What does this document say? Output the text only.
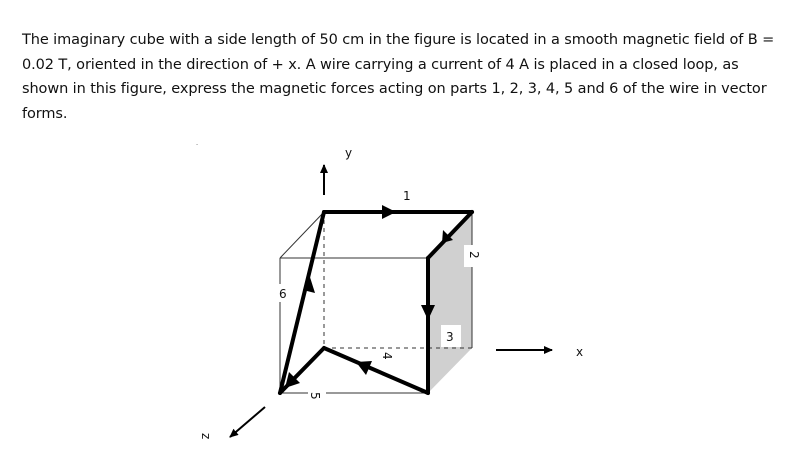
The imaginary cube with a side length of 50 cm in the figure is located in a smooth magnetic field of B = 0.02 T, oriented in the direction of + x. A wire carrying a current of 4 A is placed in a closed loop, as shown in this figure, express the magnetic forces acting on parts 1, 2, 3, 4, 5 and 6 of the wire in vector forms.

-
1
2
3
4
5
6
y
x
z
